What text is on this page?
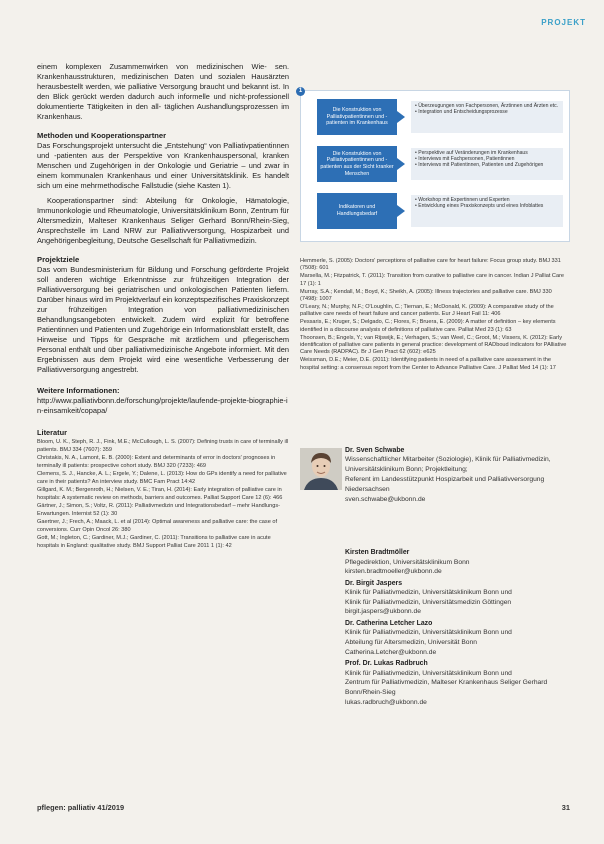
PROJEKT

einem komplexen Zusammenwirken von medizinischen Wie- sen. Krankenhausstrukturen, medizinischen Daten und sozialen Hausärzten herausbestellt werden, wie palliative Versorgung braucht und bekannt ist. In den Blick gerückt werden dadurch auch informelle und nicht-professionell dokumentierte Tätigkeiten in den all- täglichen Aushandlungsprozessen im Krankenhaus.

Methoden und Kooperationspartner

Das Forschungsprojekt untersucht die „Entstehung“ von Palliativpatientinnen und -patienten aus der Perspektive von Krankenhauspersonal, kranken Menschen und Zugehörigen in der Onkologie und Geriatrie – und zwar in einem kommunalen Krankenhaus und einer Universitätsklinik. Es handelt sich um eine mehrmethodische Fallstudie (siehe Kasten 1).

Kooperationspartner sind: Abteilung für Onkologie, Hämatologie, Immunonkologie und Rheumatologie, Universitätsklinikum Bonn, Zentrum für Altersmedizin, Malteser Krankenhaus Seliger Gerhard Bonn/Rhein-Sieg, Ansprechstelle im Land NRW zur Palliativversorgung, Hospizarbeit und Angehörigenbegleitung, Deutsche Gesellschaft für Palliativmedizin.

Projektziele

Das vom Bundesministerium für Bildung und Forschung geförderte Projekt soll anderen wichtige Erkenntnisse zur frühzeitigen Integration der Palliativversorgung bei geriatrischen und onkologischen Patienten liefern. Darüber hinaus wird im Projektverlauf ein konzeptspezifisches Praxiskonzept zur frühzeitigen Integration von palliativmedizinischen Behandlungsangeboten entwickelt. Zudem wird explizit für betroffene Patientinnen und Patienten und Zugehörige ein Informationsblatt erstellt, das Hinweise und Tipps für Gespräche mit ärztlichem und pflegerischem Personal enthält und über palliativmedizinische Angebote informiert. Mit den Ergebnissen aus dem Projekt wird eine wesentliche Verbesserung der Palliativversorgung angestrebt.

Weitere Informationen:
http://www.palliativbonn.de/forschung/projekte/laufende-projekte-biographie-in-einsamkeit/copapa/
Literatur
Bloom, U. K., Steph, R. J., Fink, M.E.; McCullough, L. S. (2007): Defining trusts in care of terminally ill patients. BMJ 334 (7607): 359
Christakis, N. A., Lamont, E. B. (2000): Extent and determinants of error in doctors' prognoses in terminally ill patients: prospective cohort study. BMJ 320 (7233): 469
Clemens, S. J., Hancke, A. L.; Ergele, Y.; Dalene, L. (2013): How do GPs identify a need for palliative care in their patients? An interview study. BMC Fam Pract 14:42
Gillgard, K. M.; Bergenroth, H.; Nielsen, V. E.; Tiran, H. (2014): Early integration of palliative care in hospitals: A systematic review on methods, barriers and outcomes. Palliat Support Care 12 (6): 466
Gärtner, J.; Simon, S.; Voltz, R. (2011): Palliativmedizin und Integrationsbedarf – mehr Handlungs-Erwartungen. Internist 52 (1): 30
Gaertner, J.; Frech, A.; Maack, L. et al (2014): Optimal awareness and palliative care: the case of conversions. Curr Opin Oncol 26: 380
Gott, M.; Ingleton, C.; Gardiner, M.J.; Gardiner, C. (2011): Transitions to palliative care in acute hospitals in England: qualitative study. BMJ Support Palliat Care 2011 1 (1): 42
1
Die Konstruktion von Palliativpatientinnen und -patienten im Krankenhaus
• Überzeugungen von Fachpersonen, Ärztinnen und Ärzten etc.
• Integration und Entscheidungsprozesse
Die Konstruktion von Palliativpatientinnen und -patienten aus der Sicht kranker Menschen
• Perspektive auf Veränderungen im Krankenhaus
• Interviews mit Fachpersonen, Patientinnen
• Interviews mit Patientinnen, Patienten und Zugehörigen
Indikatoren und Handlungsbedarf
• Workshop mit Expertinnen und Experten
• Entwicklung eines Praxiskonzepts und eines Infoblattes
Hemmerle, S. (2005): Doctors' perceptions of palliative care for heart failure: Focus group study. BMJ 331 (7508): 601
Marsella, M.; Fitzpatrick, T. (2011): Transition from curative to palliative care in cancer. Indian J Palliat Care 17 (1): 1
Murray, S.A.; Kendall, M.; Boyd, K.; Sheikh, A. (2005): Illness trajectories and palliative care. BMJ 330 (7498): 1007
O'Leary, N.; Murphy, N.F.; O'Loughlin, C.; Tiernan, E.; McDonald, K. (2009): A comparative study of the palliative care needs of heart failure and cancer patients. Eur J Heart Fail 11: 406
Pessaris, E.; Kruger, S.; Delgado, C.; Flores, F.; Bruera, E. (2009): A matter of definition – key elements identified in a discourse analysis of definitions of palliative care. Palliat Med 23 (1): 63
Thoonsen, B.; Engels, Y.; van Rijswijk, E.; Verhagen, S.; van Weel, C.; Groot, M.; Vissers, K. (2012): Early identification of palliative care patients in general practice: development of RADboud indicators for PAlliative Care Needs (RADPAC). Br J Gen Pract 62 (602): e625
Weissman, D.E.; Meier, D.E. (2011): Identifying patients in need of a palliative care assessment in the hospital setting: a consensus report from the Center to Advance Palliative Care. J Palliat Med 14 (1): 17
Dr. Sven Schwabe
Wissenschaftlicher Mitarbeiter (Soziologie), Klinik für Palliativmedizin, Universitätsklinikum Bonn; Projektleitung;
Referent im Landesstützpunkt Hospizarbeit und Palliativversorgung Niedersachsen
sven.schwabe@ukbonn.de
Kirsten Bradtmöller
Pflegedirektion, Universitätsklinikum Bonn
kirsten.bradtmoeller@ukbonn.de
Dr. Birgit Jaspers
Klinik für Palliativmedizin, Universitätsklinikum Bonn und
Klinik für Palliativmedizin, Universitätsmedizin Göttingen
birgit.jaspers@ukbonn.de
Dr. Catherina Letcher Lazo
Klinik für Palliativmedizin, Universitätsklinikum Bonn und
Abteilung für Altersmedizin, Universität Bonn
Catherina.Letcher@ukbonn.de
Prof. Dr. Lukas Radbruch
Klinik für Palliativmedizin, Universitätsklinikum Bonn und
Zentrum für Palliativmedizin, Malteser Krankenhaus Seliger Gerhard Bonn/Rhein-Sieg
lukas.radbruch@ukbonn.de
pflegen: palliativ 41/2019	31
